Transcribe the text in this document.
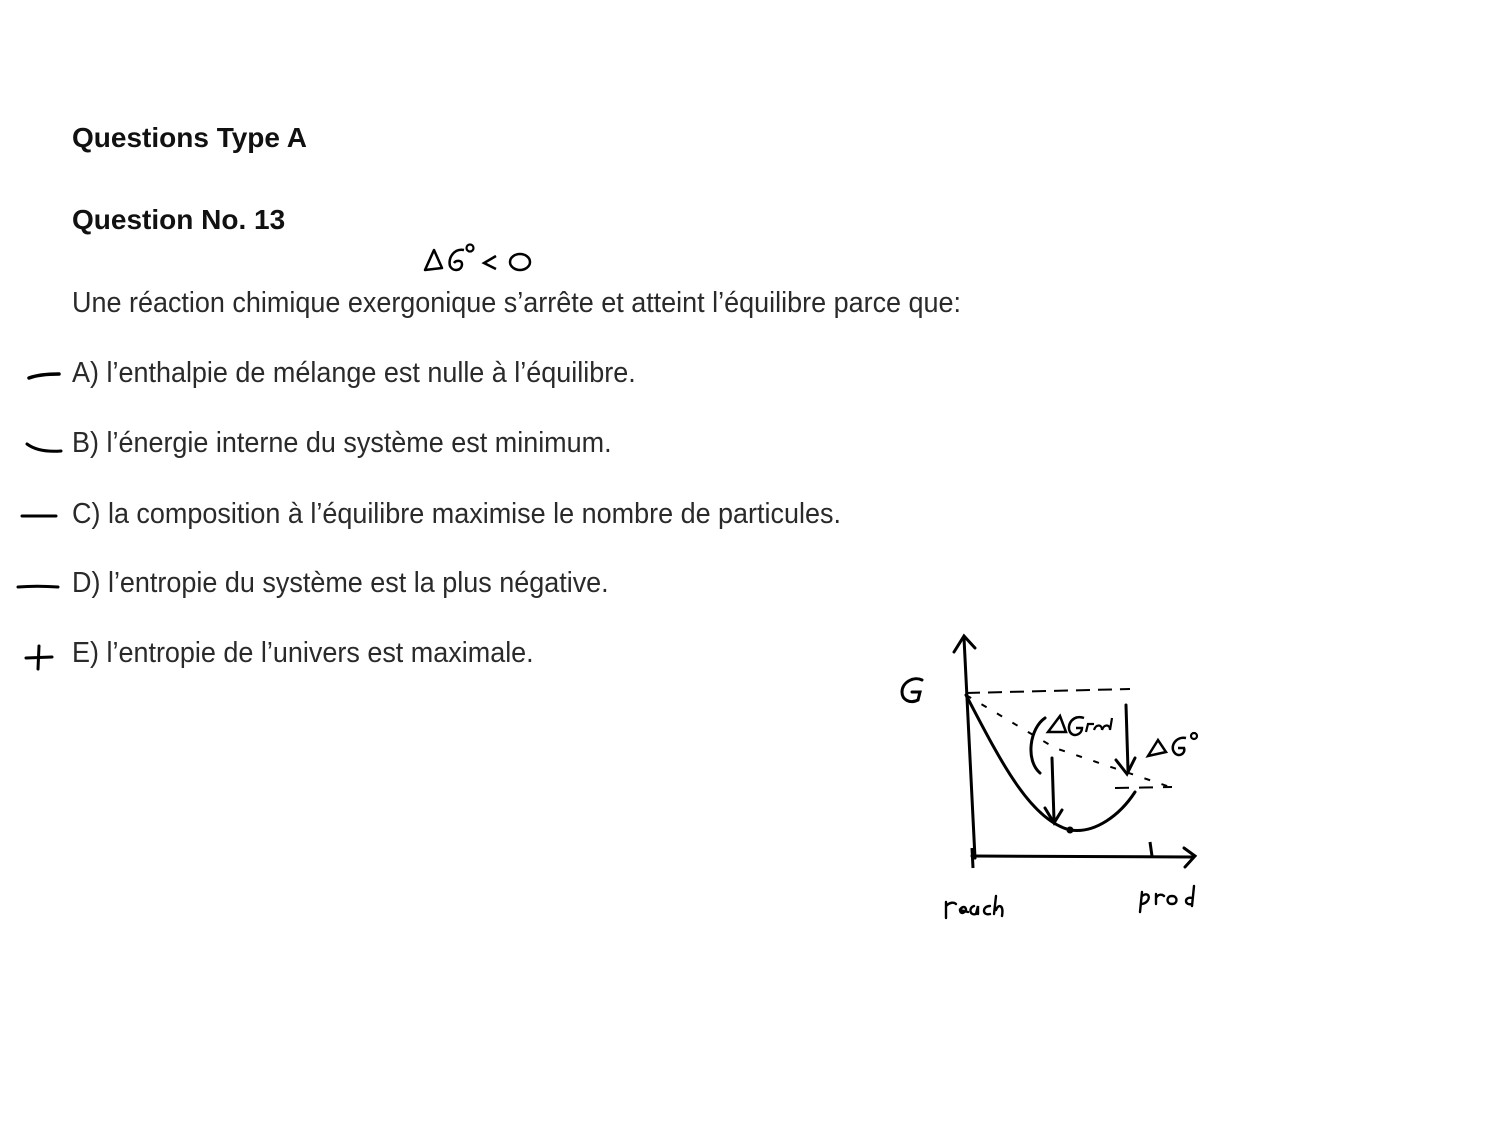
Questions Type A
Question No. 13
Une réaction chimique exergonique s’arrête et atteint l’équilibre parce que:
A) l’enthalpie de mélange est nulle à l’équilibre.
B) l’énergie interne du système est minimum.
C) la composition à l’équilibre maximise le nombre de particules.
D) l’entropie du système est la plus négative.
E) l’entropie de l’univers est maximale.
